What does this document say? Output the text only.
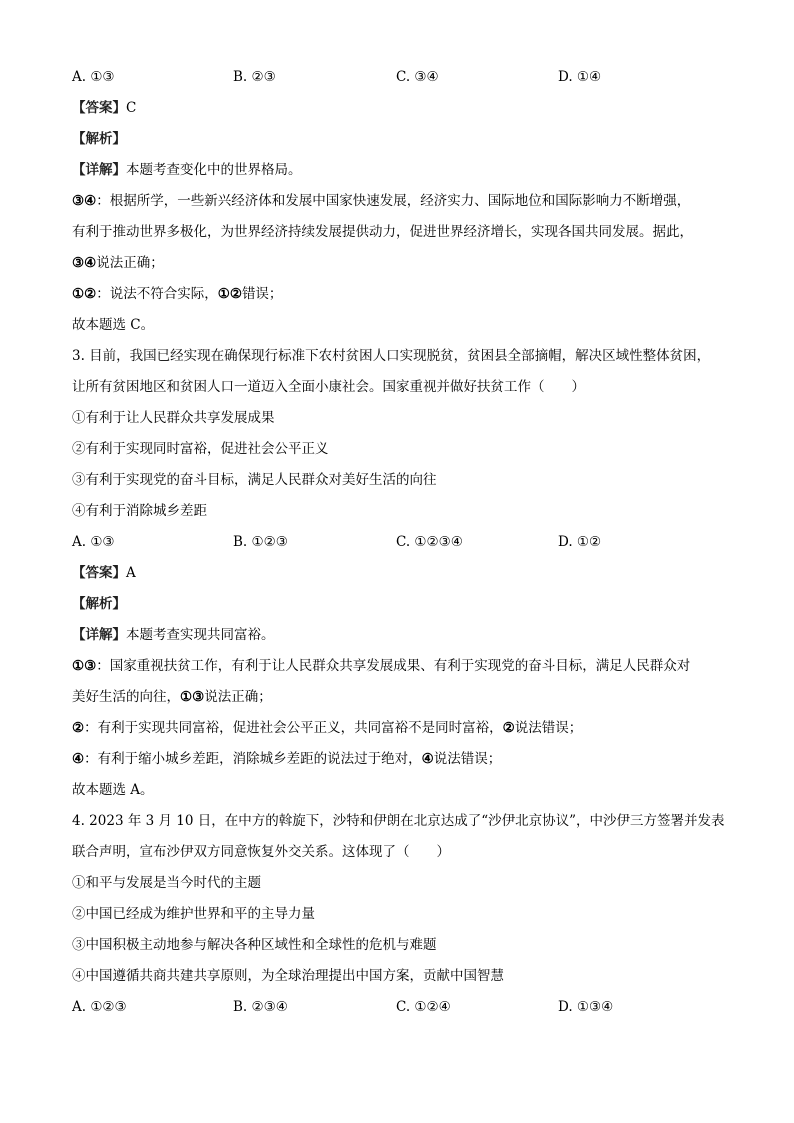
A. ①③	B. ②③	C. ③④	D. ①④
【答案】C
【解析】
【详解】本题考查变化中的世界格局。
③④：根据所学，一些新兴经济体和发展中国家快速发展，经济实力、国际地位和国际影响力不断增强，
有利于推动世界多极化，为世界经济持续发展提供动力，促进世界经济增长，实现各国共同发展。据此，
③④说法正确；
①②：说法不符合实际，①②错误；
故本题选 C。
3. 目前，我国已经实现在确保现行标准下农村贫困人口实现脱贫，贫困县全部摘帽，解决区域性整体贫困，
让所有贫困地区和贫困人口一道迈入全面小康社会。国家重视并做好扶贫工作（　　）
①有利于让人民群众共享发展成果
②有利于实现同时富裕，促进社会公平正义
③有利于实现党的奋斗目标，满足人民群众对美好生活的向往
④有利于消除城乡差距
A. ①③	B. ①②③	C. ①②③④	D. ①②
【答案】A
【解析】
【详解】本题考查实现共同富裕。
①③：国家重视扶贫工作，有利于让人民群众共享发展成果、有利于实现党的奋斗目标，满足人民群众对
美好生活的向往，①③说法正确；
②：有利于实现共同富裕，促进社会公平正义，共同富裕不是同时富裕，②说法错误；
④：有利于缩小城乡差距，消除城乡差距的说法过于绝对，④说法错误；
故本题选 A。
4. 2023 年 3 月 10 日，在中方的斡旋下，沙特和伊朗在北京达成了“沙伊北京协议”，中沙伊三方签署并发表
联合声明，宣布沙伊双方同意恢复外交关系。这体现了（　　）
①和平与发展是当今时代的主题
②中国已经成为维护世界和平的主导力量
③中国积极主动地参与解决各种区域性和全球性的危机与难题
④中国遵循共商共建共享原则，为全球治理提出中国方案，贡献中国智慧
A. ①②③	B. ②③④	C. ①②④	D. ①③④
